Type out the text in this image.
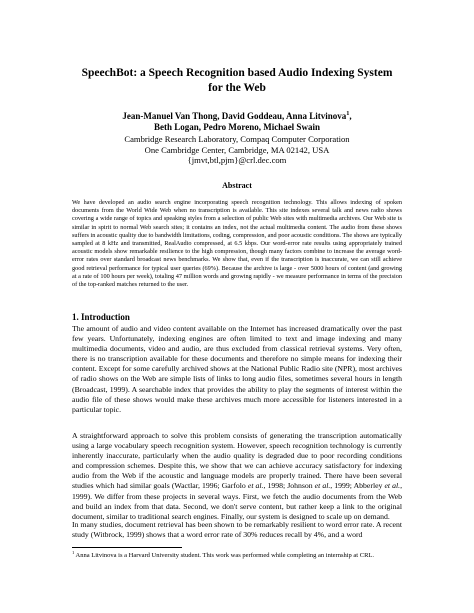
SpeechBot: a Speech Recognition based Audio Indexing System
for the Web
Jean-Manuel Van Thong, David Goddeau, Anna Litvinova$^1$,
Beth Logan, Pedro Moreno, Michael Swain
Cambridge Research Laboratory, Compaq Computer Corporation
One Cambridge Center, Cambridge, MA 02142, USA
{jmvt,btl,pjm}@crl.dec.com
Abstract
We have developed an audio search engine incorporating speech recognition technology. This allows indexing of spoken documents from the World Wide Web when no transcription is available. This site indexes several talk and news radio shows covering a wide range of topics and speaking styles from a selection of public Web sites with multimedia archives. Our Web site is similar in spirit to normal Web search sites; it contains an index, not the actual multimedia content. The audio from these shows suffers in acoustic quality due to bandwidth limitations, coding, compression, and poor acoustic conditions. The shows are typically sampled at 8 kHz and transmitted, RealAudio compressed, at 6.5 kbps. Our word-error rate results using appropriately trained acoustic models show remarkable resilience to the high compression, though many factors combine to increase the average word-error rates over standard broadcast news benchmarks. We show that, even if the transcription is inaccurate, we can still achieve good retrieval performance for typical user queries (69%). Because the archive is large - over 5000 hours of content (and growing at a rate of 100 hours per week), totaling 47 million words and growing rapidly - we measure performance in terms of the precision of the top-ranked matches returned to the user.
1. Introduction
The amount of audio and video content available on the Internet has increased dramatically over the past few years. Unfortunately, indexing engines are often limited to text and image indexing and many multimedia documents, video and audio, are thus excluded from classical retrieval systems. Very often, there is no transcription available for these documents and therefore no simple means for indexing their content. Except for some carefully archived shows at the National Public Radio site (NPR), most archives of radio shows on the Web are simple lists of links to long audio files, sometimes several hours in length (Broadcast, 1999). A searchable index that provides the ability to play the segments of interest within the audio file of these shows would make these archives much more accessible for listeners interested in a particular topic.
A straightforward approach to solve this problem consists of generating the transcription automatically using a large vocabulary speech recognition system. However, speech recognition technology is currently inherently inaccurate, particularly when the audio quality is degraded due to poor recording conditions and compression schemes. Despite this, we show that we can achieve accuracy satisfactory for indexing audio from the Web if the acoustic and language models are properly trained. There have been several studies which had similar goals (Wactlar, 1996; Garfolo et al., 1998; Johnson et al., 1999; Abberley et al., 1999). We differ from these projects in several ways. First, we fetch the audio documents from the Web and build an index from that data. Second, we don't serve content, but rather keep a link to the original document, similar to traditional search engines. Finally, our system is designed to scale up on demand.
In many studies, document retrieval has been shown to be remarkably resilient to word error rate. A recent study (Witbrock, 1999) shows that a word error rate of 30% reduces recall by 4%, and a word
$^1$ Anna Litvinova is a Harvard University student. This work was performed while completing an internship at CRL.
